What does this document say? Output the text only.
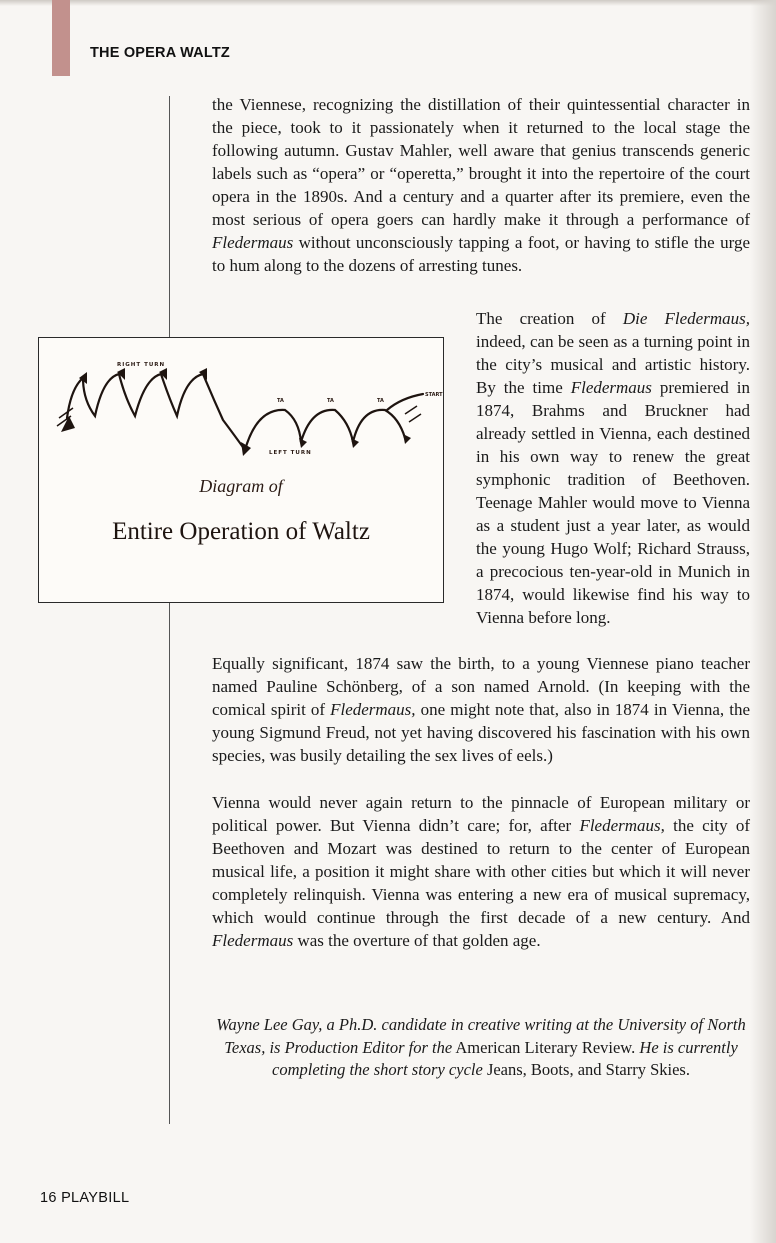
THE OPERA WALTZ

the Viennese, recognizing the distillation of their quintessential character in the piece, took to it passionately when it returned to the local stage the following autumn. Gustav Mahler, well aware that genius transcends generic labels such as “opera” or “operetta,” brought it into the repertoire of the court opera in the 1890s. And a century and a quarter after its premiere, even the most serious of opera goers can hardly make it through a performance of Fledermaus without unconsciously tapping a foot, or having to stifle the urge to hum along to the dozens of arresting tunes.

RIGHT TURN
LEFT TURN
START
TA	TA	TA
Diagram of
Entire Operation of Waltz

The creation of Die Fledermaus, indeed, can be seen as a turning point in the city’s musical and artistic history. By the time Fledermaus premiered in 1874, Brahms and Bruckner had already settled in Vienna, each destined in his own way to renew the great symphonic tradition of Beethoven. Teenage Mahler would move to Vienna as a student just a year later, as would the young Hugo Wolf; Richard Strauss, a precocious ten-year-old in Munich in 1874, would likewise find his way to Vienna before long.

Equally significant, 1874 saw the birth, to a young Viennese piano teacher named Pauline Schönberg, of a son named Arnold. (In keeping with the comical spirit of Fledermaus, one might note that, also in 1874 in Vienna, the young Sigmund Freud, not yet having discovered his fascination with his own species, was busily detailing the sex lives of eels.)

Vienna would never again return to the pinnacle of European military or political power. But Vienna didn’t care; for, after Fledermaus, the city of Beethoven and Mozart was destined to return to the center of European musical life, a position it might share with other cities but which it will never completely relinquish. Vienna was entering a new era of musical supremacy, which would continue through the first decade of a new century. And Fledermaus was the overture of that golden age.

Wayne Lee Gay, a Ph.D. candidate in creative writing at the University of North Texas, is Production Editor for the American Literary Review. He is currently completing the short story cycle Jeans, Boots, and Starry Skies.
16 PLAYBILL
